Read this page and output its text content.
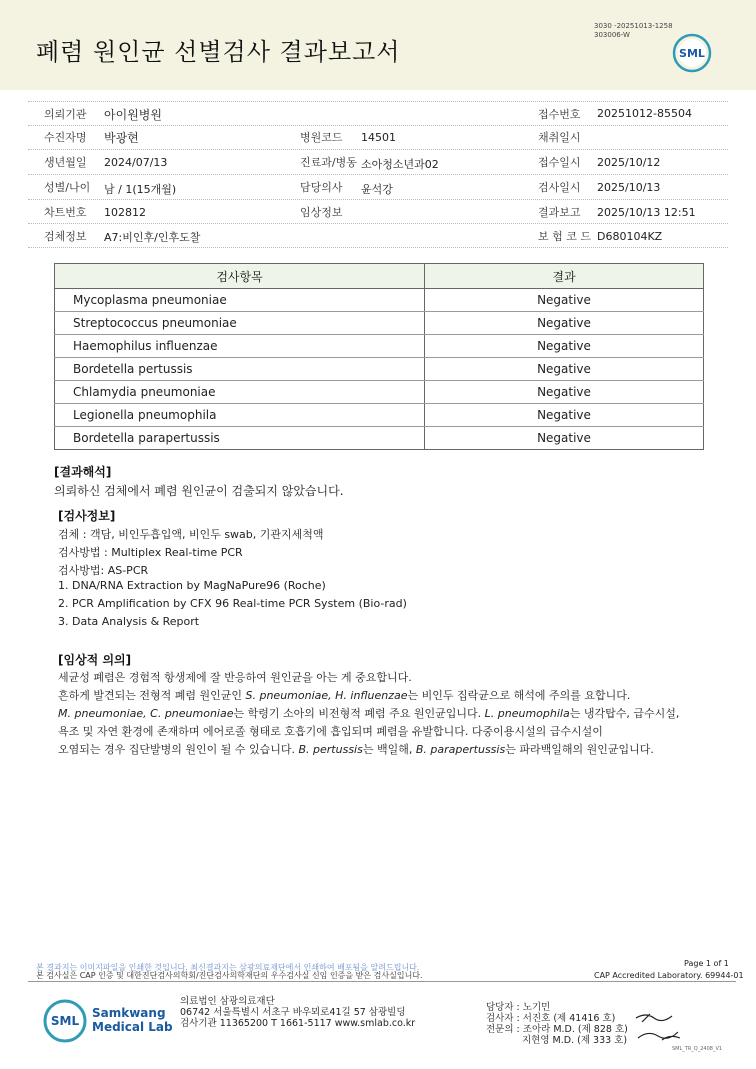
폐렴 원인균 선별검사 결과보고서
3030 -20251013-1258
303006-W
SML
의뢰기관 아이원병원	접수번호 20251012-85504
수진자명 박광현	병원코드 14501	채취일시
생년월일 2024/07/13	진료과/병동 소아청소년과02	접수일시 2025/10/12
성별/나이 남 / 1(15개월)	담당의사 윤석강	검사일시 2025/10/13
차트번호 102812	임상정보	결과보고 2025/10/13 12:51
검체정보 A7:비인후/인후도찰	보 험 코 드 D680104KZ
검사항목	결과
Mycoplasma pneumoniae	Negative
Streptococcus pneumoniae	Negative
Haemophilus influenzae	Negative
Bordetella pertussis	Negative
Chlamydia pneumoniae	Negative
Legionella pneumophila	Negative
Bordetella parapertussis	Negative
[결과해석]
의뢰하신 검체에서 폐렴 원인균이 검출되지 않았습니다.
[검사정보]
검체 : 객담, 비인두흡입액, 비인두 swab, 기관지세척액
검사방법 : Multiplex Real-time PCR
검사방법: AS-PCR
1. DNA/RNA Extraction by MagNaPure96 (Roche)
2. PCR Amplification by CFX 96 Real-time PCR System (Bio-rad)
3. Data Analysis & Report
[임상적 의의]
세균성 폐렴은 경험적 항생제에 잘 반응하여 원인균을 아는 게 중요합니다.
흔하게 발견되는 전형적 폐렴 원인균인 S. pneumoniae, H. influenzae는 비인두 집락균으로 해석에 주의를 요합니다.
M. pneumoniae, C. pneumoniae는 학령기 소아의 비전형적 폐렴 주요 원인균입니다. L. pneumophila는 냉각탑수, 급수시설,
욕조 및 자연 환경에 존재하며 에어로졸 형태로 호흡기에 흡입되며 폐렴을 유발합니다. 다중이용시설의 급수시설이
오염되는 경우 집단발병의 원인이 될 수 있습니다. B. pertussis는 백일해, B. parapertussis는 파라백일해의 원인균입니다.
본 결과지는 이미지파일을 인쇄한 것입니다. 최신결과지는 삼광의료재단에서 인쇄하여 배포됨을 알려드립니다.
본 검사실은 CAP 인증 및 대한진단검사의학회/진단검사의학재단의 우수검사실 신임 인증을 받은 검사실입니다.
Page 1 of 1
CAP Accredited Laboratory. 69944-01
SML
Samkwang
Medical Lab
의료법인 삼광의료재단
06742 서울특별시 서초구 바우뫼로41길 57 삼광빌딩
검사기관 11365200 T 1661-5117 www.smlab.co.kr
담당자 : 노기민
검사자 : 서진호 (제 41416 호)
전문의 : 조아라 M.D. (제 828 호)
지현영 M.D. (제 333 호)
SML_TR_Q_2408_V1
